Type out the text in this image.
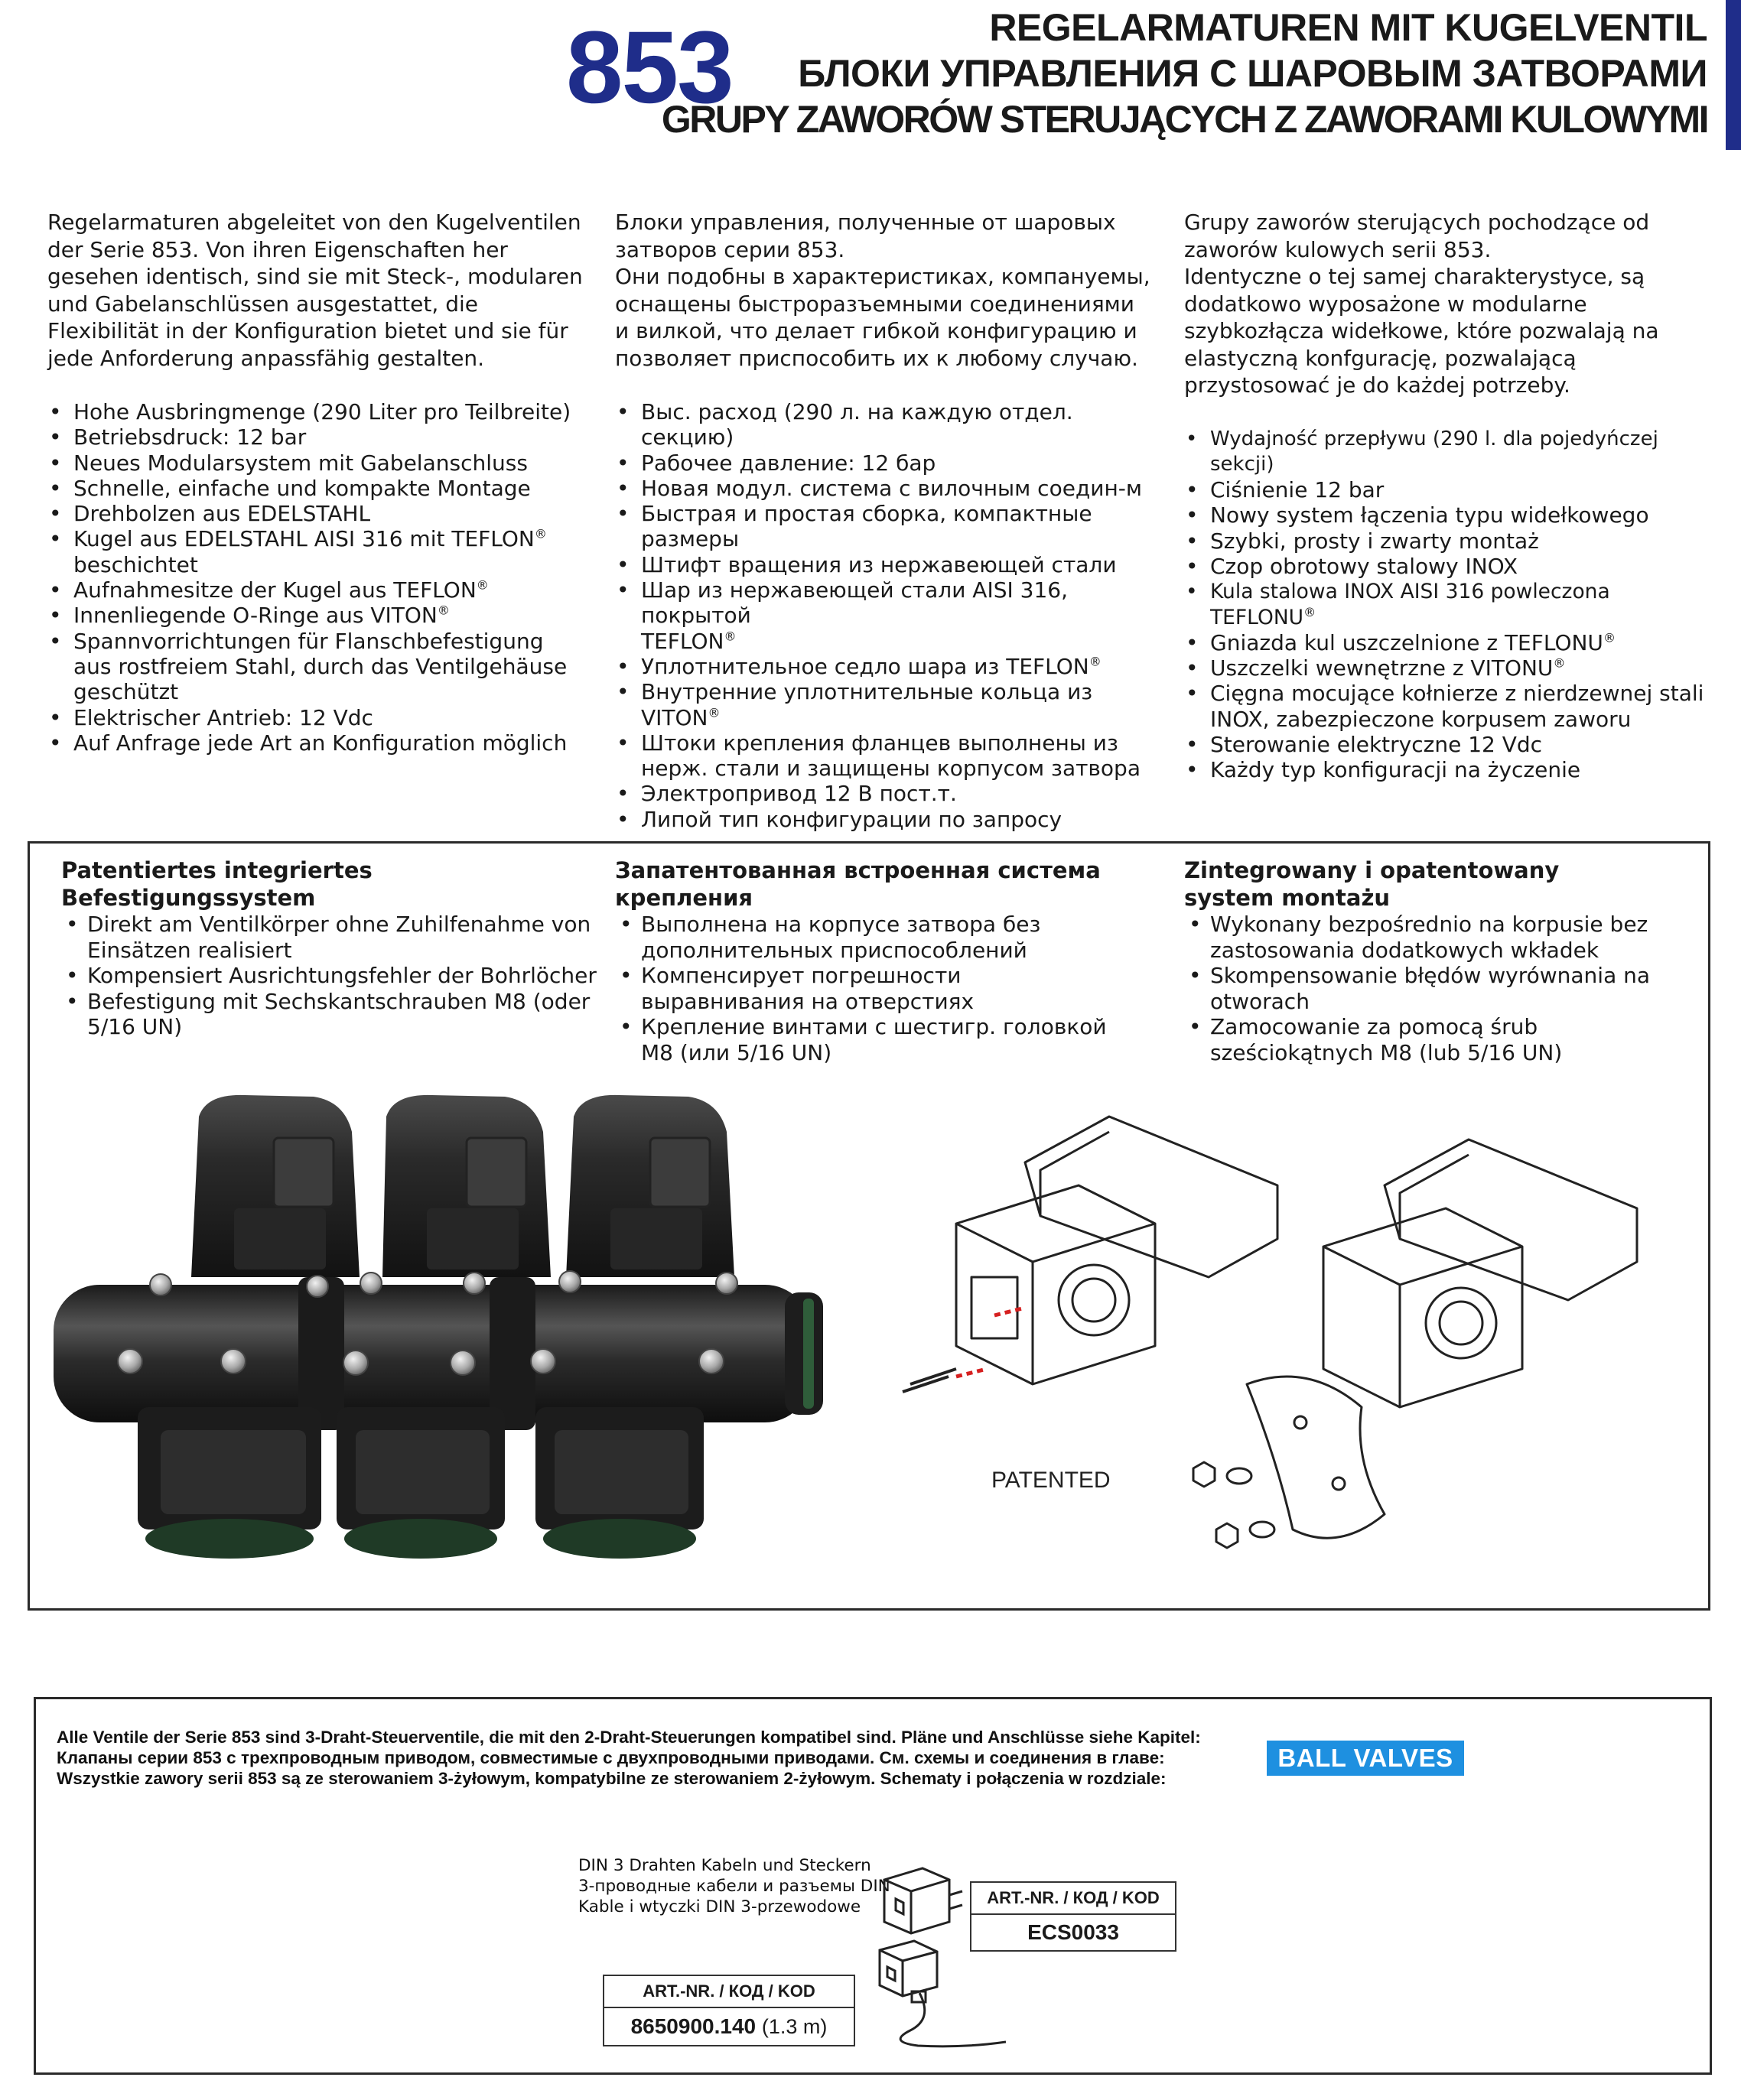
853	REGELARMATUREN MIT KUGELVENTIL
БЛОКИ УПРАВЛЕНИЯ С ШАРОВЫМ ЗАТВОРАМИ
GRUPY ZAWORÓW STERUJĄCYCH Z ZAWORAMI KULOWYMI

Regelarmaturen abgeleitet von den Kugelventilen der Serie 853. Von ihren Eigenschaften her gesehen identisch, sind sie mit Steck-, modularen und Gabelanschlüssen ausgestattet, die Flexibilität in der Konfiguration bietet und sie für jede Anforderung anpassfähig gestalten.

• Hohe Ausbringmenge (290 Liter pro Teilbreite)
• Betriebsdruck: 12 bar
• Neues Modularsystem mit Gabelanschluss
• Schnelle, einfache und kompakte Montage
• Drehbolzen aus EDELSTAHL
• Kugel aus EDELSTAHL AISI 316 mit TEFLON®
beschichtet
• Aufnahmesitze der Kugel aus TEFLON®
• Innenliegende O-Ringe aus VITON®
• Spannvorrichtungen für Flanschbefestigung aus rostfreiem Stahl, durch das Ventilgehäuse geschützt
• Elektrischer Antrieb: 12 Vdc
• Auf Anfrage jede Art an Konfiguration möglich

Блоки управления, полученные от шаровых затворов серии 853.

Они подобны в характеристиках, компануемы, оснащены быстроразъемными соединениями и вилкой, что делает гибкой конфигурацию и позволяет приспособить их к любому случаю.

• Выс. расход (290 л. на каждую отдел. секцию)
• Рабочее давление: 12 бар
• Новая модул. система с вилочным соедин-м
• Быстрая и простая сборка, компактные размеры
• Штифт вращения из нержавеющей стали
• Шар из нержавеющей стали AISI 316, покрытой
TEFLON®
• Уплотнительное седло шара из TEFLON®
• Внутренние уплотнительные кольца из VITON®
• Штоки крепления фланцев выполнены из нерж. стали и защищены корпусом затвора
• Электропривод 12 В пост.т.
• Липой тип конфигурации по запросу

Grupy zaworów sterujących pochodzące od zaworów kulowych serii 853.

Identyczne o tej samej charakterystyce, są dodatkowo wyposażone w modularne szybkozłącza widełkowe, które pozwalają na elastyczną konfgurację, pozwalającą przystosować je do każdej potrzeby.

• Wydajność przepływu (290 l. dla pojedyńczej sekcji)
• Ciśnienie 12 bar
• Nowy system łączenia typu widełkowego
• Szybki, prosty i zwarty montaż
• Czop obrotowy stalowy INOX
• Kula stalowa INOX AISI 316 powleczona TEFLONU®
• Gniazda kul uszczelnione z TEFLONU®
• Uszczelki wewnętrzne z VITONU®
• Cięgna mocujące kołnierze z nierdzewnej stali INOX, zabezpieczone korpusem zaworu
• Sterowanie elektryczne 12 Vdc
• Każdy typ konfiguracji na życzenie
Patentiertes integriertes Befestigungssystem
• Direkt am Ventilkörper ohne Zuhilfenahme von Einsätzen realisiert
• Kompensiert Ausrichtungsfehler der Bohrlöcher
• Befestigung mit Sechskantschrauben M8 (oder 5/16 UN)
Запатентованная встроенная система крепления
• Выполнена на корпусе затвора без дополнительных приспособлений
• Компенсирует погрешности выравнивания на отверстиях
• Крепление винтами с шестигр. головкой М8 (или 5/16 UN)
Zintegrowany i opatentowany system montażu
• Wykonany bezpośrednio na korpusie bez zastosowania dodatkowych wkładek
• Skompensowanie błędów wyrównania na otworach
• Zamocowanie za pomocą śrub sześciokątnych M8 (lub 5/16 UN)
PATENTED
Alle Ventile der Serie 853 sind 3-Draht-Steuerventile, die mit den 2-Draht-Steuerungen kompatibel sind. Pläne und Anschlüsse siehe Kapitel:
Клапаны серии 853 с трехпроводным приводом, совместимые с двухпроводными приводами. См. схемы и соединения в главе:
Wszystkie zawory serii 853 są ze sterowaniem 3-żyłowym, kompatybilne ze sterowaniem 2-żyłowym. Schematy i połączenia w rozdziale:
BALL VALVES
DIN 3 Drahten Kabeln und Steckern
3-проводные кабели и разъемы DIN
Kable i wtyczki DIN 3-przewodowe	ART.-NR. / КОД / KOD
ECS0033
ART.-NR. / КОД / KOD
8650900.140 (1.3 m)
